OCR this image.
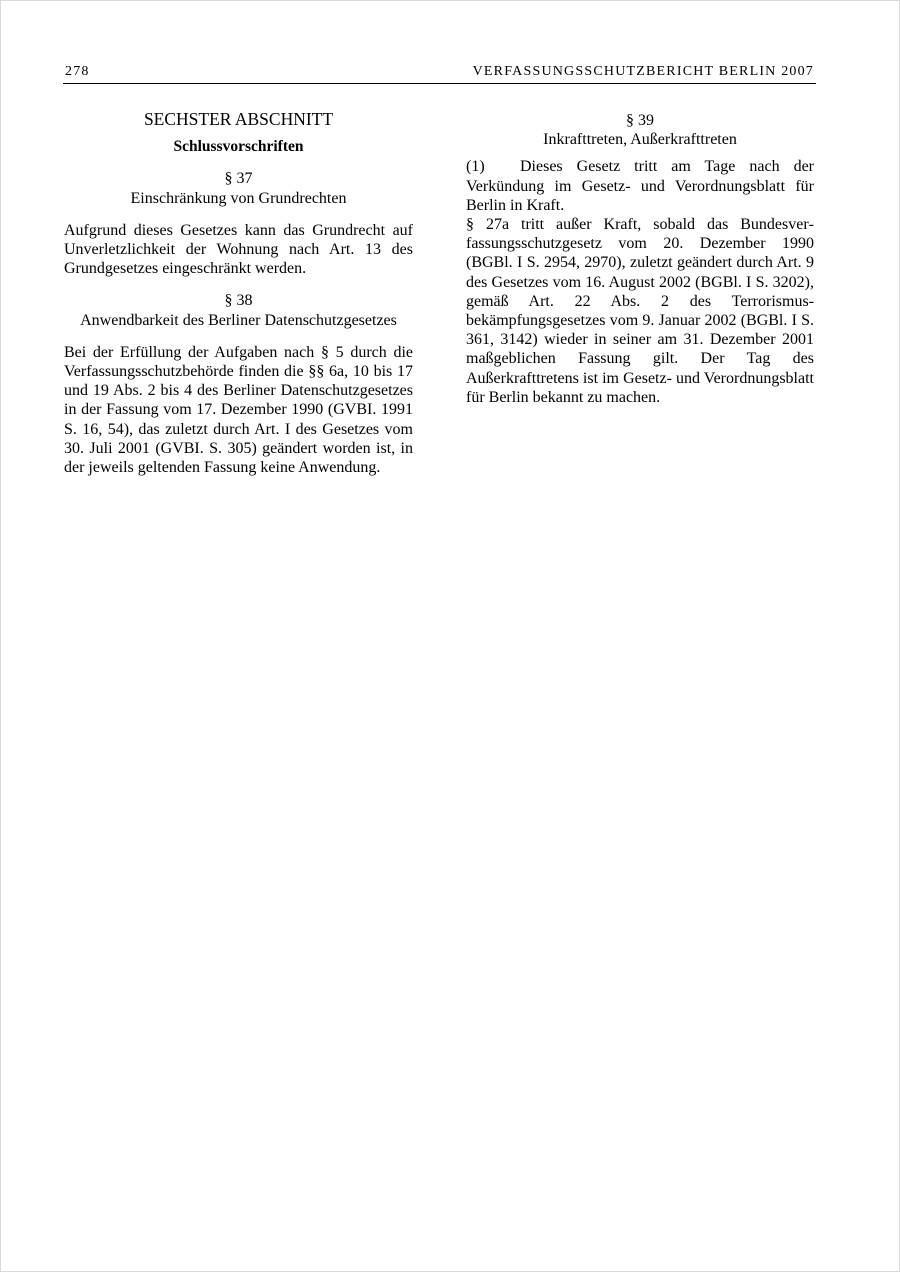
278	VERFASSUNGSSCHUTZBERICHT BERLIN 2007
SECHSTER ABSCHNITT
Schlussvorschriften
§ 37
Einschränkung von Grundrechten
Aufgrund dieses Gesetzes kann das Grundrecht auf Unverletzlichkeit der Wohnung nach Art. 13 des Grundgesetzes eingeschränkt werden.
§ 38
Anwendbarkeit des Berliner Datenschutzgesetzes
Bei der Erfüllung der Aufgaben nach § 5 durch die Verfassungsschutzbehörde finden die §§ 6a, 10 bis 17 und 19 Abs. 2 bis 4 des Berliner Datenschutzgesetzes in der Fassung vom 17. Dezember 1990 (GVBI. 1991 S. 16, 54), das zuletzt durch Art. I des Gesetzes vom 30. Juli 2001 (GVBI. S. 305) geändert worden ist, in der jeweils geltenden Fassung keine Anwendung.
§ 39
Inkrafttreten, Außerkrafttreten
(1) Dieses Gesetz tritt am Tage nach der Verkündung im Gesetz- und Verordnungsblatt für Berlin in Kraft.
§ 27a tritt außer Kraft, sobald das Bundesverfassungsschutzgesetz vom 20. Dezember 1990 (BGBl. I S. 2954, 2970), zuletzt geändert durch Art. 9 des Gesetzes vom 16. August 2002 (BGBl. I S. 3202), gemäß Art. 22 Abs. 2 des Terrorismusbekämpfungsgesetzes vom 9. Januar 2002 (BGBl. I S. 361, 3142) wieder in seiner am 31. Dezember 2001 maßgeblichen Fassung gilt. Der Tag des Außerkrafttretens ist im Gesetz- und Verordnungsblatt für Berlin bekannt zu machen.
